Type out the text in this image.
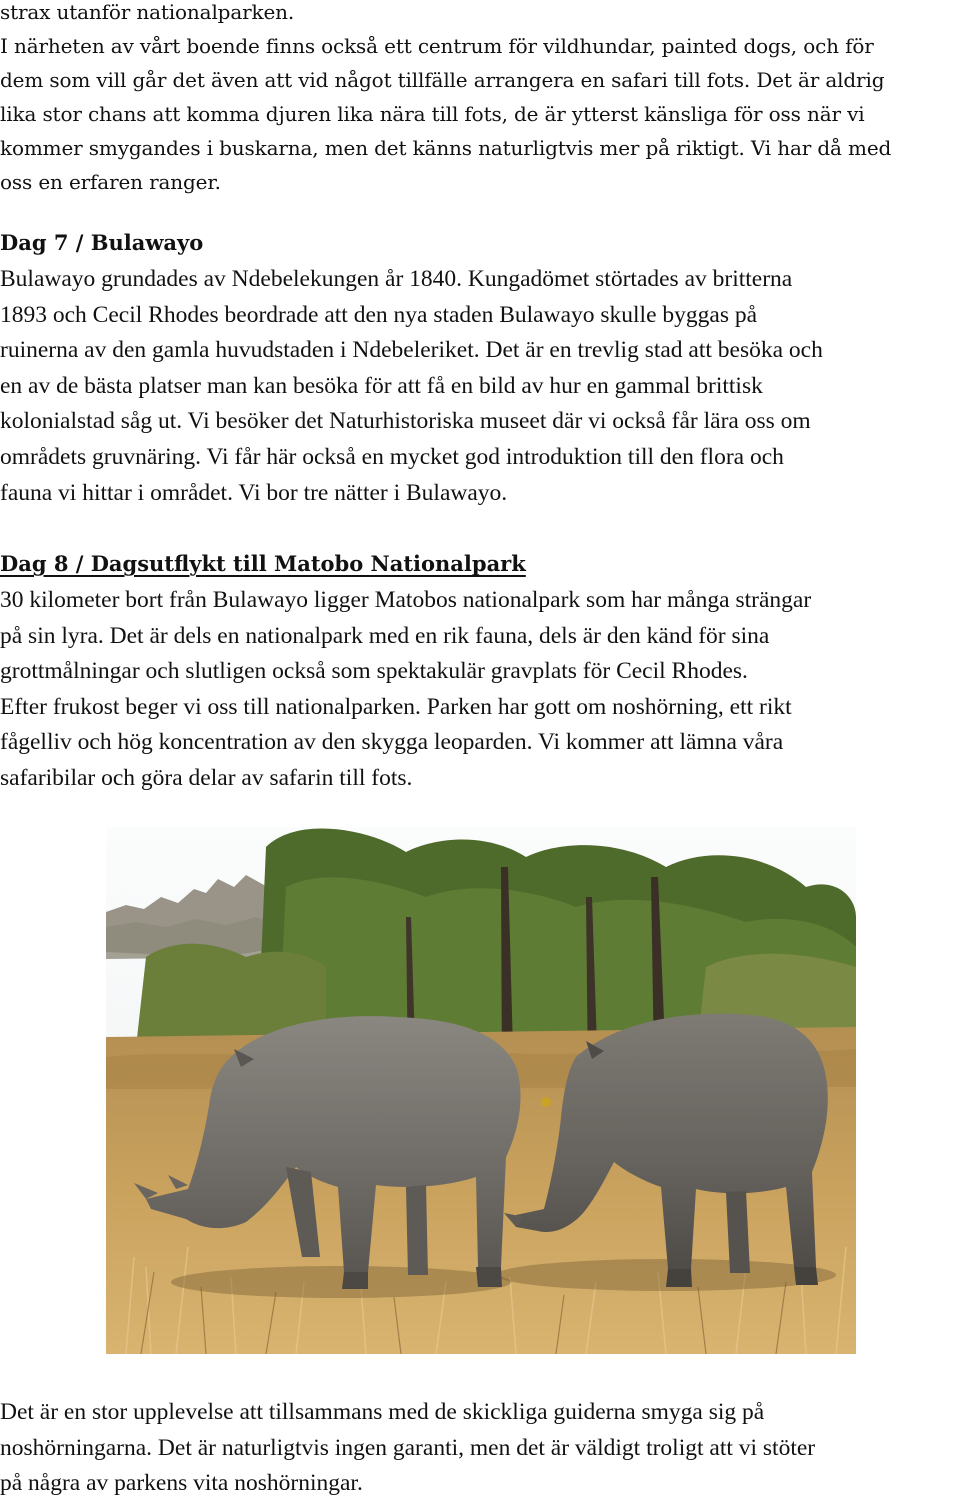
strax utanför nationalparken.
I närheten av vårt boende finns också ett centrum för vildhundar, painted dogs, och för
dem som vill går det även att vid något tillfälle arrangera en safari till fots. Det är aldrig
lika stor chans att komma djuren lika nära till fots, de är ytterst känsliga för oss när vi
kommer smygandes i buskarna, men det känns naturligtvis mer på riktigt. Vi har då med
oss en erfaren ranger.
Dag 7 / Bulawayo
Bulawayo grundades av Ndebelekungen år 1840. Kungadömet störtades av britterna
1893 och Cecil Rhodes beordrade att den nya staden Bulawayo skulle byggas på
ruinerna av den gamla huvudstaden i Ndebeleriket. Det är en trevlig stad att besöka och
en av de bästa platser man kan besöka för att få en bild av hur en gammal brittisk
kolonialstad såg ut. Vi besöker det Naturhistoriska museet där vi också får lära oss om
områdets gruvnäring. Vi får här också en mycket god introduktion till den flora och
fauna vi hittar i området. Vi bor tre nätter i Bulawayo.
Dag 8 / Dagsutflykt till Matobo Nationalpark
30 kilometer bort från Bulawayo ligger Matobos nationalpark som har många strängar
på sin lyra. Det är dels en nationalpark med en rik fauna, dels är den känd för sina
grottmålningar och slutligen också som spektakulär gravplats för Cecil Rhodes.
Efter frukost beger vi oss till nationalparken. Parken har gott om noshörning, ett rikt
fågelliv och hög koncentration av den skygga leoparden. Vi kommer att lämna våra
safaribilar och göra delar av safarin till fots.
Det är en stor upplevelse att tillsammans med de skickliga guiderna smyga sig på
noshörningarna. Det är naturligtvis ingen garanti, men det är väldigt troligt att vi stöter
på några av parkens vita noshörningar.
